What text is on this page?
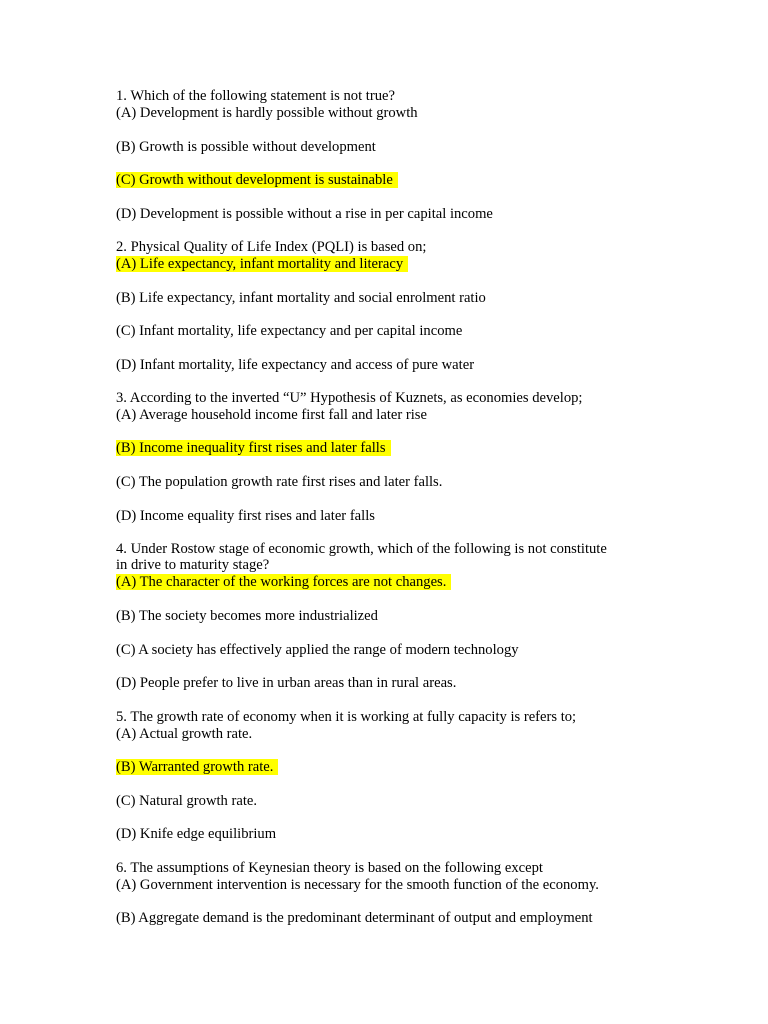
1. Which of the following statement is not true?
(A) Development is hardly possible without growth
(B) Growth is possible without development
(C) Growth without development is sustainable
(D) Development is possible without a rise in per capital income
2. Physical Quality of Life Index (PQLI) is based on;
(A) Life expectancy, infant mortality and literacy
(B) Life expectancy, infant mortality and social enrolment ratio
(C) Infant mortality, life expectancy and per capital income
(D) Infant mortality, life expectancy and access of pure water
3. According to the inverted “U” Hypothesis of Kuznets, as economies develop;
(A) Average household income first fall and later rise
(B) Income inequality first rises and later falls
(C) The population growth rate first rises and later falls.
(D) Income equality first rises and later falls
4. Under Rostow stage of economic growth, which of the following is not constitute
in drive to maturity stage?
(A) The character of the working forces are not changes.
(B) The society becomes more industrialized
(C) A society has effectively applied the range of modern technology
(D) People prefer to live in urban areas than in rural areas.
5. The growth rate of economy when it is working at fully capacity is refers to;
(A) Actual growth rate.
(B) Warranted growth rate.
(C) Natural growth rate.
(D) Knife edge equilibrium
6. The assumptions of Keynesian theory is based on the following except
(A) Government intervention is necessary for the smooth function of the economy.
(B) Aggregate demand is the predominant determinant of output and employment
